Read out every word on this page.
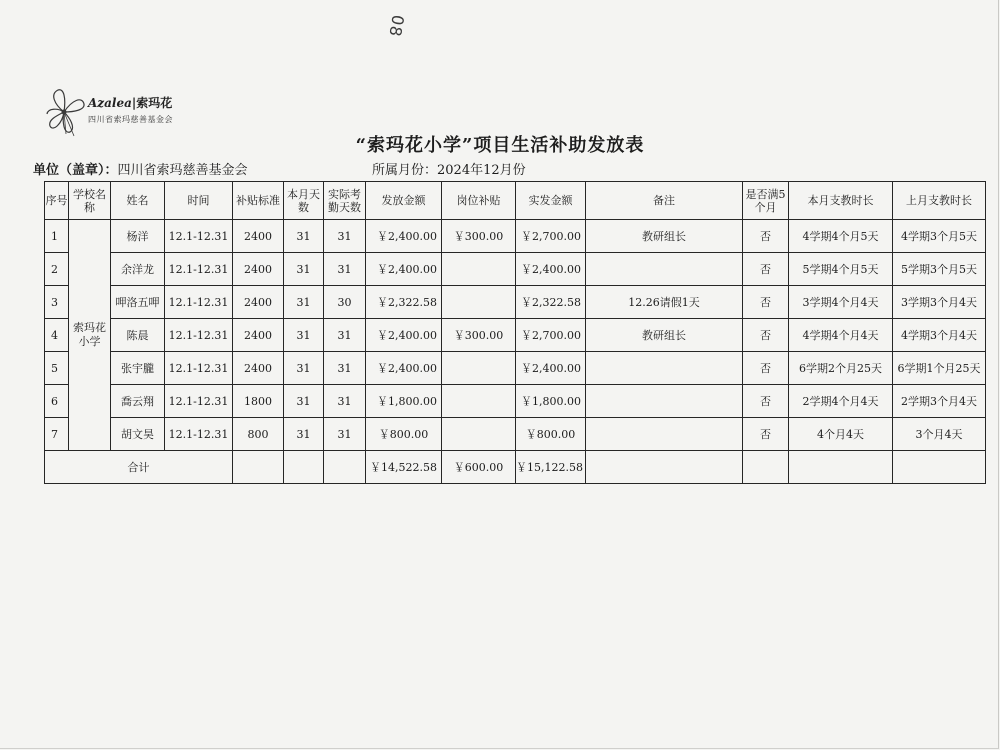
08
Azalea|索玛花
四川省索玛慈善基金会
“索玛花小学”项目生活补助发放表
单位（盖章）：四川省索玛慈善基金会	所属月份：2024年12月份
序号	学校名称	姓名	时间	补贴标准	本月天数	实际考勤天数	发放金额	岗位补贴	实发金额	备注	是否满5个月	本月支教时长	上月支教时长
1	索玛花小学	杨洋	12.1-12.31	2400	31	31	￥2,400.00	￥300.00	￥2,700.00	教研组长	否	4学期4个月5天	4学期3个月5天
2		余洋龙	12.1-12.31	2400	31	31	￥2,400.00		￥2,400.00		否	5学期4个月5天	5学期3个月5天
3		呷洛五呷	12.1-12.31	2400	31	30	￥2,322.58		￥2,322.58	12.26请假1天	否	3学期4个月4天	3学期3个月4天
4		陈晨	12.1-12.31	2400	31	31	￥2,400.00	￥300.00	￥2,700.00	教研组长	否	4学期4个月4天	4学期3个月4天
5		张宇朧	12.1-12.31	2400	31	31	￥2,400.00		￥2,400.00		否	6学期2个月25天	6学期1个月25天
6		喬云翔	12.1-12.31	1800	31	31	￥1,800.00		￥1,800.00		否	2学期4个月4天	2学期3个月4天
7		胡文昊	12.1-12.31	800	31	31	￥800.00		￥800.00		否	4个月4天	3个月4天
合计							￥14,522.58	￥600.00	￥15,122.58				
